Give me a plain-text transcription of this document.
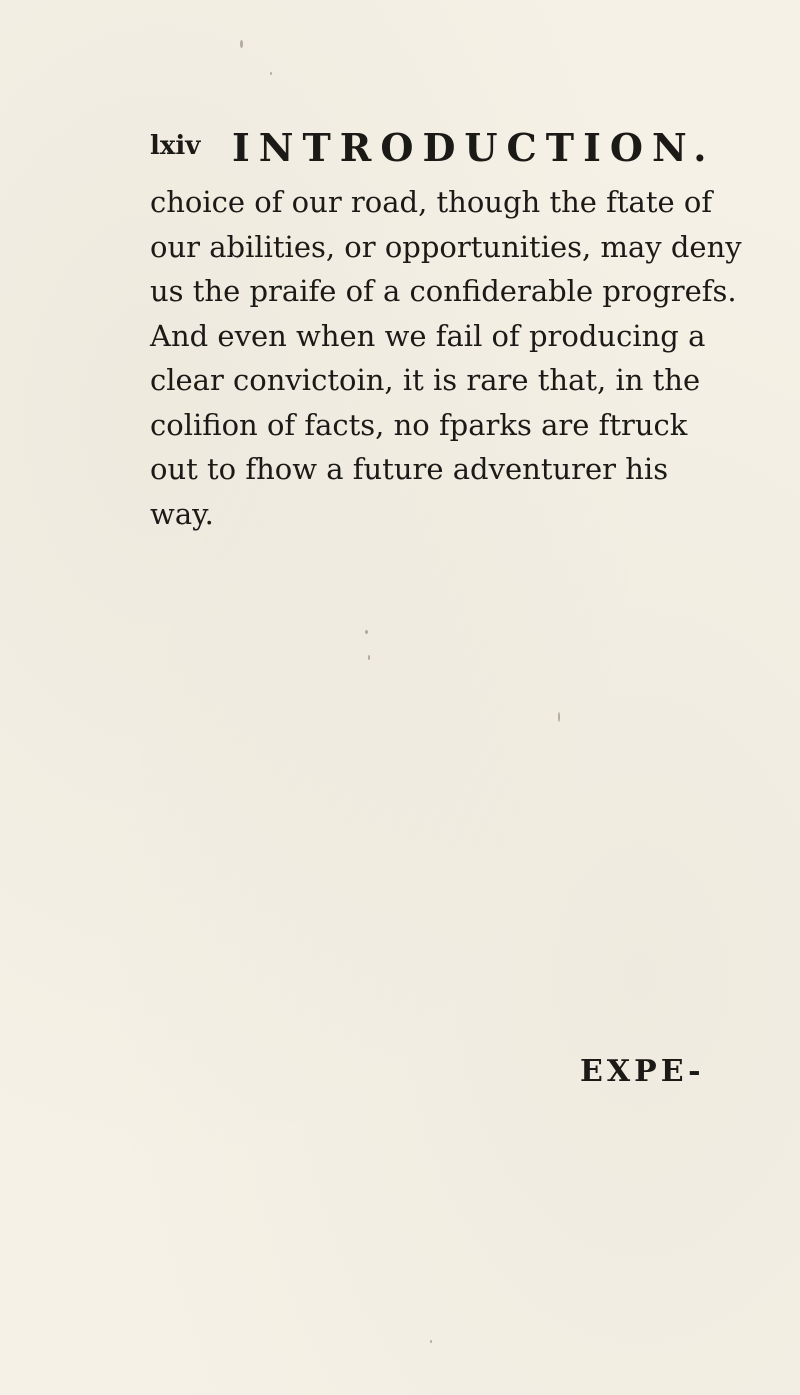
lxiv INTRODUCTION.
choice of our road, though the ftate of
our abilities, or opportunities, may deny
us the praife of a confiderable progrefs.
And even when we fail of producing a
clear convictoin, it is rare that, in the
colifion of facts, no fparks are ftruck
out to fhow a future adventurer his
way.
EXPE-
